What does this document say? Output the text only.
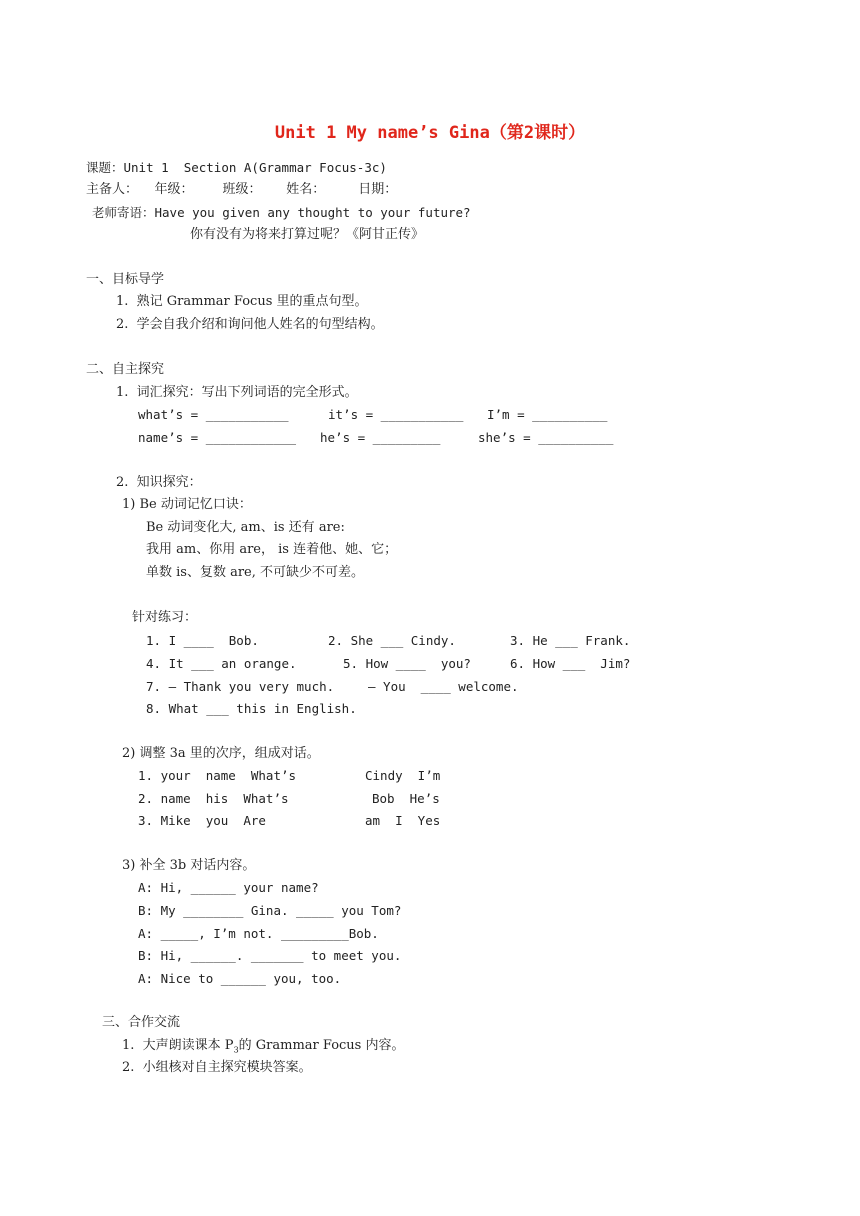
Unit 1 My name’s Gina（第2课时）
课题：Unit 1  Section A(Grammar Focus-3c)
主备人：    年级：       班级：      姓名：        日期：
老师寄语：Have you given any thought to your future?
你有没有为将来打算过呢？《阿甘正传》
一、目标导学
1.  熟记 Grammar Focus 里的重点句型。
2.  学会自我介绍和询问他人姓名的句型结构。
二、自主探究
1.  词汇探究：写出下列词语的完全形式。
what’s = ___________	it’s = ___________ I’m = __________
name’s = ____________ he’s = _________	she’s = __________
2.  知识探究：
1) Be 动词记忆口诀：
Be 动词变化大, am、is 还有 are:
我用 am、你用 are， is 连着他、她、它；
单数 is、复数 are, 不可缺少不可差。
针对练习：
1. I ____  Bob.	2. She ___ Cindy.	3. He ___ Frank.
4. It ___ an orange.	5. How ____  you?	6. How ___  Jim?
7. — Thank you very much.	— You  ____ welcome.
8. What ___ this in English.
2) 调整 3a 里的次序，组成对话。
1. your  name  What’s	Cindy  I’m
2. name  his  What’s	Bob  He’s
3. Mike  you  Are	am  I  Yes
3) 补全 3b 对话内容。
A: Hi, ______ your name?
B: My ________ Gina. _____ you Tom?
A: _____, I’m not. _________Bob.
B: Hi, ______. _______ to meet you.
A: Nice to ______ you, too.
三、合作交流
1.  大声朗读课本 $P_3$的 Grammar Focus 内容。
2.  小组核对自主探究模块答案。
